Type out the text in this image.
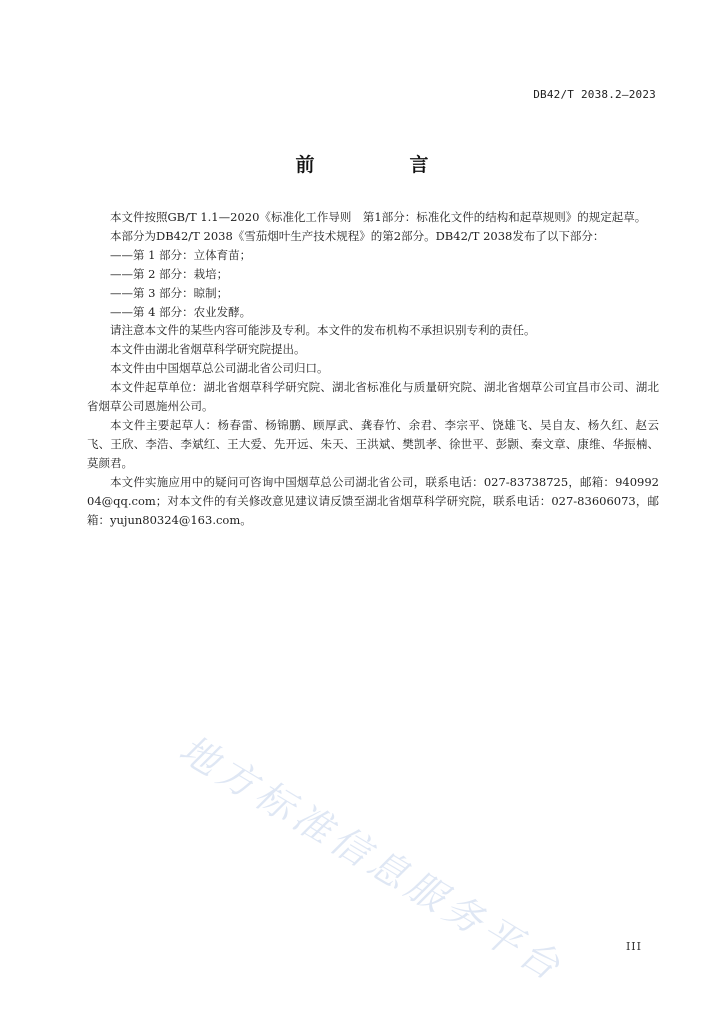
DB42/T 2038.2—2023
前　言

本文件按照GB/T 1.1—2020《标准化工作导则　第1部分：标准化文件的结构和起草规则》的规定起草。

本部分为DB42/T 2038《雪茄烟叶生产技术规程》的第2部分。DB42/T 2038发布了以下部分：

——第 1 部分：立体育苗；

——第 2 部分：栽培；

——第 3 部分：晾制；

——第 4 部分：农业发酵。

请注意本文件的某些内容可能涉及专利。本文件的发布机构不承担识别专利的责任。

本文件由湖北省烟草科学研究院提出。

本文件由中国烟草总公司湖北省公司归口。

本文件起草单位：湖北省烟草科学研究院、湖北省标准化与质量研究院、湖北省烟草公司宜昌市公司、湖北省烟草公司恩施州公司。

本文件主要起草人：杨春雷、杨锦鹏、顾厚武、龚春竹、余君、李宗平、饶雄飞、吴自友、杨久红、赵云飞、王欣、李浩、李斌红、王大爱、先开远、朱天、王洪斌、樊凯孝、徐世平、彭颢、秦文章、康维、华振楠、莫颜君。

本文件实施应用中的疑问可咨询中国烟草总公司湖北省公司，联系电话：027-83738725，邮箱：94099204@qq.com；对本文件的有关修改意见建议请反馈至湖北省烟草科学研究院，联系电话：027-83606073，邮箱：yujun80324@163.com。

地方标准信息服务平台	III
